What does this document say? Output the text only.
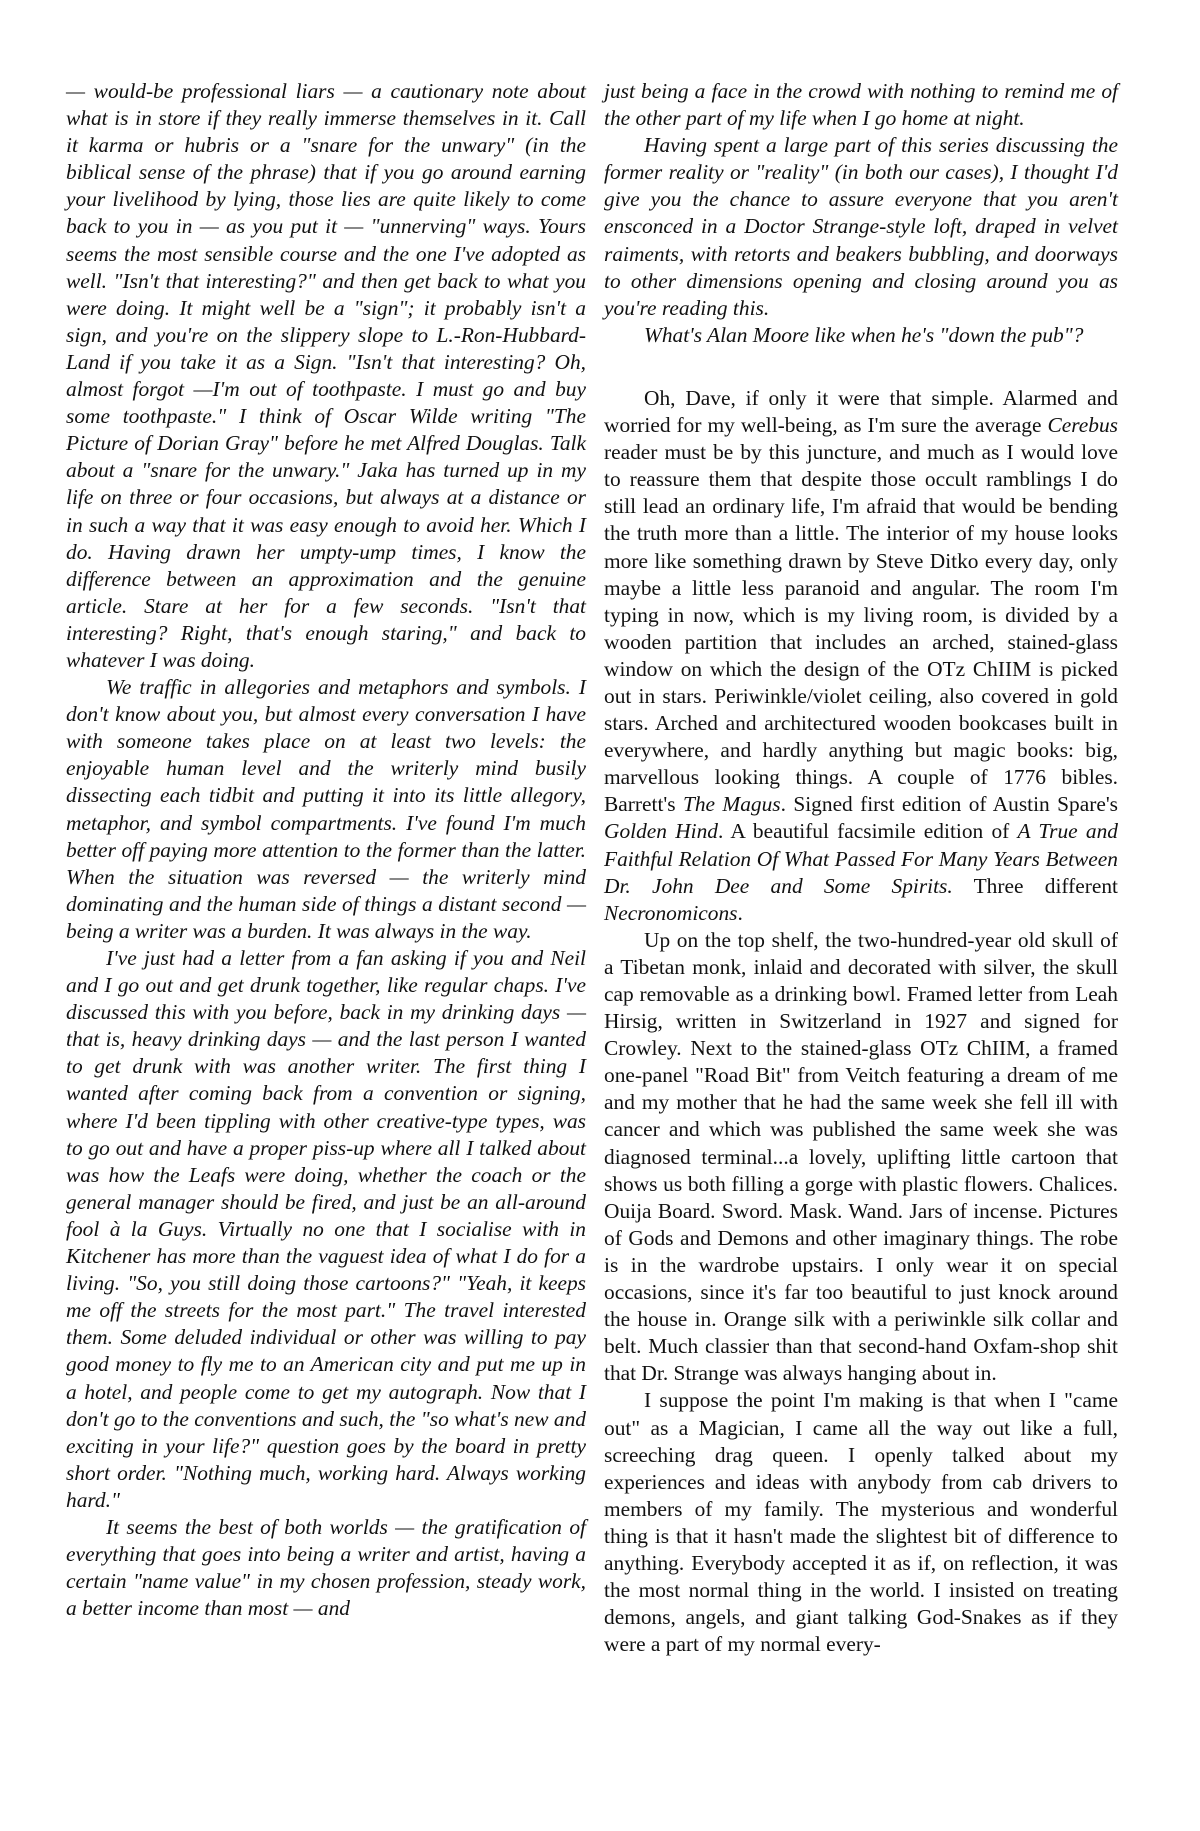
— would-be professional liars — a cautionary note about what is in store if they really immerse themselves in it. Call it karma or hubris or a "snare for the unwary" (in the biblical sense of the phrase) that if you go around earning your livelihood by lying, those lies are quite likely to come back to you in — as you put it — "unnerving" ways. Yours seems the most sensible course and the one I've adopted as well. "Isn't that interesting?" and then get back to what you were doing. It might well be a "sign"; it probably isn't a sign, and you're on the slippery slope to L.-Ron-Hubbard-Land if you take it as a Sign. "Isn't that interesting? Oh, almost forgot —I'm out of toothpaste. I must go and buy some toothpaste." I think of Oscar Wilde writing "The Picture of Dorian Gray" before he met Alfred Douglas. Talk about a "snare for the unwary." Jaka has turned up in my life on three or four occasions, but always at a distance or in such a way that it was easy enough to avoid her. Which I do. Having drawn her umpty-ump times, I know the difference between an approximation and the genuine article. Stare at her for a few seconds. "Isn't that interesting? Right, that's enough staring," and back to whatever I was doing.

We traffic in allegories and metaphors and symbols. I don't know about you, but almost every conversation I have with someone takes place on at least two levels: the enjoyable human level and the writerly mind busily dissecting each tidbit and putting it into its little allegory, metaphor, and symbol compartments. I've found I'm much better off paying more attention to the former than the latter. When the situation was reversed — the writerly mind dominating and the human side of things a distant second — being a writer was a burden. It was always in the way.

I've just had a letter from a fan asking if you and Neil and I go out and get drunk together, like regular chaps. I've discussed this with you before, back in my drinking days — that is, heavy drinking days — and the last person I wanted to get drunk with was another writer. The first thing I wanted after coming back from a convention or signing, where I'd been tippling with other creative-type types, was to go out and have a proper piss-up where all I talked about was how the Leafs were doing, whether the coach or the general manager should be fired, and just be an all-around fool à la Guys. Virtually no one that I socialise with in Kitchener has more than the vaguest idea of what I do for a living. "So, you still doing those cartoons?" "Yeah, it keeps me off the streets for the most part." The travel interested them. Some deluded individual or other was willing to pay good money to fly me to an American city and put me up in a hotel, and people come to get my autograph. Now that I don't go to the conventions and such, the "so what's new and exciting in your life?" question goes by the board in pretty short order. "Nothing much, working hard. Always working hard."

It seems the best of both worlds — the gratification of everything that goes into being a writer and artist, having a certain "name value" in my chosen profession, steady work, a better income than most — and

just being a face in the crowd with nothing to remind me of the other part of my life when I go home at night.

Having spent a large part of this series discussing the former reality or "reality" (in both our cases), I thought I'd give you the chance to assure everyone that you aren't ensconced in a Doctor Strange-style loft, draped in velvet raiments, with retorts and beakers bubbling, and doorways to other dimensions opening and closing around you as you're reading this.

What's Alan Moore like when he's "down the pub"?

Oh, Dave, if only it were that simple. Alarmed and worried for my well-being, as I'm sure the average Cerebus reader must be by this juncture, and much as I would love to reassure them that despite those occult ramblings I do still lead an ordinary life, I'm afraid that would be bending the truth more than a little. The interior of my house looks more like something drawn by Steve Ditko every day, only maybe a little less paranoid and angular. The room I'm typing in now, which is my living room, is divided by a wooden partition that includes an arched, stained-glass window on which the design of the OTz ChIIM is picked out in stars. Periwinkle/violet ceiling, also covered in gold stars. Arched and architectured wooden bookcases built in everywhere, and hardly anything but magic books: big, marvellous looking things. A couple of 1776 bibles. Barrett's The Magus. Signed first edition of Austin Spare's Golden Hind. A beautiful facsimile edition of A True and Faithful Relation Of What Passed For Many Years Between Dr. John Dee and Some Spirits. Three different Necronomicons.

Up on the top shelf, the two-hundred-year old skull of a Tibetan monk, inlaid and decorated with silver, the skull cap removable as a drinking bowl. Framed letter from Leah Hirsig, written in Switzerland in 1927 and signed for Crowley. Next to the stained-glass OTz ChIIM, a framed one-panel "Road Bit" from Veitch featuring a dream of me and my mother that he had the same week she fell ill with cancer and which was published the same week she was diagnosed terminal...a lovely, uplifting little cartoon that shows us both filling a gorge with plastic flowers. Chalices. Ouija Board. Sword. Mask. Wand. Jars of incense. Pictures of Gods and Demons and other imaginary things. The robe is in the wardrobe upstairs. I only wear it on special occasions, since it's far too beautiful to just knock around the house in. Orange silk with a periwinkle silk collar and belt. Much classier than that second-hand Oxfam-shop shit that Dr. Strange was always hanging about in.

I suppose the point I'm making is that when I "came out" as a Magician, I came all the way out like a full, screeching drag queen. I openly talked about my experiences and ideas with anybody from cab drivers to members of my family. The mysterious and wonderful thing is that it hasn't made the slightest bit of difference to anything. Everybody accepted it as if, on reflection, it was the most normal thing in the world. I insisted on treating demons, angels, and giant talking God-Snakes as if they were a part of my normal every-
